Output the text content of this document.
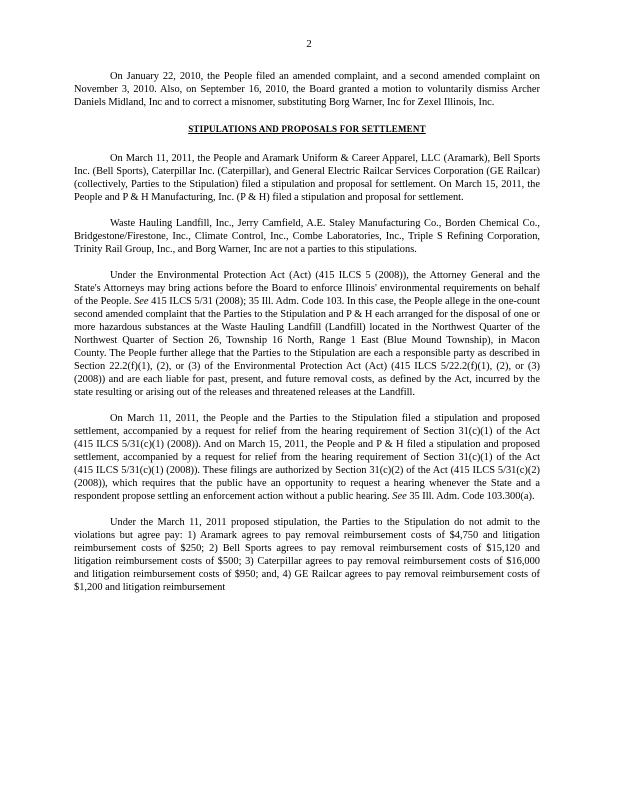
2

On January 22, 2010, the People filed an amended complaint, and a second amended complaint on November 3, 2010. Also, on September 16, 2010, the Board granted a motion to voluntarily dismiss Archer Daniels Midland, Inc and to correct a misnomer, substituting Borg Warner, Inc for Zexel Illinois, Inc.

STIPULATIONS AND PROPOSALS FOR SETTLEMENT

On March 11, 2011, the People and Aramark Uniform & Career Apparel, LLC (Aramark), Bell Sports Inc. (Bell Sports), Caterpillar Inc. (Caterpillar), and General Electric Railcar Services Corporation (GE Railcar) (collectively, Parties to the Stipulation) filed a stipulation and proposal for settlement. On March 15, 2011, the People and P & H Manufacturing, Inc. (P & H) filed a stipulation and proposal for settlement.

Waste Hauling Landfill, Inc., Jerry Camfield, A.E. Staley Manufacturing Co., Borden Chemical Co., Bridgestone/Firestone, Inc., Climate Control, Inc., Combe Laboratories, Inc., Triple S Refining Corporation, Trinity Rail Group, Inc., and Borg Warner, Inc are not a parties to this stipulations.

Under the Environmental Protection Act (Act) (415 ILCS 5 (2008)), the Attorney General and the State's Attorneys may bring actions before the Board to enforce Illinois' environmental requirements on behalf of the People. See 415 ILCS 5/31 (2008); 35 Ill. Adm. Code 103. In this case, the People allege in the one-count second amended complaint that the Parties to the Stipulation and P & H each arranged for the disposal of one or more hazardous substances at the Waste Hauling Landfill (Landfill) located in the Northwest Quarter of the Northwest Quarter of Section 26, Township 16 North, Range 1 East (Blue Mound Township), in Macon County. The People further allege that the Parties to the Stipulation are each a responsible party as described in Section 22.2(f)(1), (2), or (3) of the Environmental Protection Act (Act) (415 ILCS 5/22.2(f)(1), (2), or (3) (2008)) and are each liable for past, present, and future removal costs, as defined by the Act, incurred by the state resulting or arising out of the releases and threatened releases at the Landfill.

On March 11, 2011, the People and the Parties to the Stipulation filed a stipulation and proposed settlement, accompanied by a request for relief from the hearing requirement of Section 31(c)(1) of the Act (415 ILCS 5/31(c)(1) (2008)). And on March 15, 2011, the People and P & H filed a stipulation and proposed settlement, accompanied by a request for relief from the hearing requirement of Section 31(c)(1) of the Act (415 ILCS 5/31(c)(1) (2008)). These filings are authorized by Section 31(c)(2) of the Act (415 ILCS 5/31(c)(2) (2008)), which requires that the public have an opportunity to request a hearing whenever the State and a respondent propose settling an enforcement action without a public hearing. See 35 Ill. Adm. Code 103.300(a).

Under the March 11, 2011 proposed stipulation, the Parties to the Stipulation do not admit to the violations but agree pay: 1) Aramark agrees to pay removal reimbursement costs of $4,750 and litigation reimbursement costs of $250; 2) Bell Sports agrees to pay removal reimbursement costs of $15,120 and litigation reimbursement costs of $500; 3) Caterpillar agrees to pay removal reimbursement costs of $16,000 and litigation reimbursement costs of $950; and, 4) GE Railcar agrees to pay removal reimbursement costs of $1,200 and litigation reimbursement
